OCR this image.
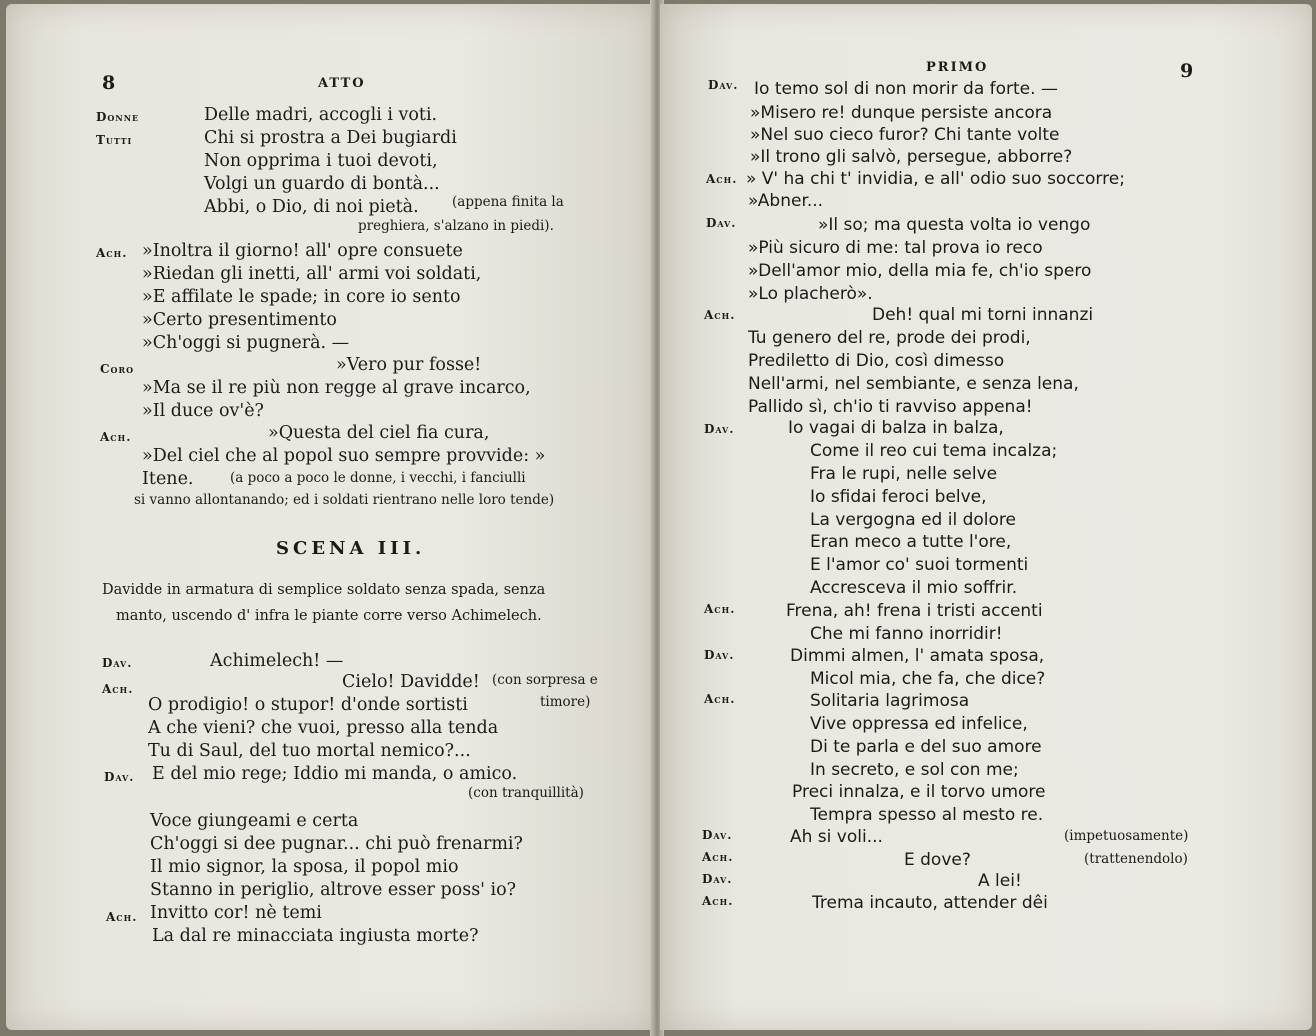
8	ATTO
Donne	Delle madri, accogli i voti.
Tutti	Chi si prostra a Dei bugiardi
Non opprima i tuoi devoti,
Volgi un guardo di bontà...
Abbi, o Dio, di noi pietà. (appena finita la
preghiera, s'alzano in piedi).
Ach. »Inoltra il giorno! all' opre consuete
»Riedan gli inetti, all' armi voi soldati,
»E affilate le spade; in core io sento
»Certo presentimento
»Ch'oggi si pugnerà. —
Coro	»Vero pur fosse!
»Ma se il re più non regge al grave incarco,
»Il duce ov'è?
Ach.	»Questa del ciel fia cura,
»Del ciel che al popol suo sempre provvide: »
Itene.	(a poco a poco le donne, i vecchi, i fanciulli
si vanno allontanando; ed i soldati rientrano nelle loro tende)
SCENA III.
Davidde in armatura di semplice soldato senza spada, senza
manto, uscendo d' infra le piante corre verso Achimelech.
Dav.	Achimelech! —
Ach.	Cielo! Davidde! (con sorpresa e
O prodigio! o stupor! d'onde sortisti	timore)
A che vieni? che vuoi, presso alla tenda
Tu di Saul, del tuo mortal nemico?...
Dav. E del mio rege; Iddio mi manda, o amico.
(con tranquillità)
Voce giungeami e certa
Ch'oggi si dee pugnar... chi può frenarmi?
Il mio signor, la sposa, il popol mio
Stanno in periglio, altrove esser poss' io?
Ach. Invitto cor! nè temi
La dal re minacciata ingiusta morte?
PRIMO	9
Dav. Io temo sol di non morir da forte. —
»Misero re! dunque persiste ancora
»Nel suo cieco furor? Chi tante volte
»Il trono gli salvò, persegue, abborre?
Ach. » V' ha chi t' invidia, e all' odio suo soccorre;
»Abner...
Dav.	»Il so; ma questa volta io vengo
»Più sicuro di me: tal prova io reco
»Dell'amor mio, della mia fe, ch'io spero
»Lo placherò».
Ach.	Deh! qual mi torni innanzi
Tu genero del re, prode dei prodi,
Prediletto di Dio, così dimesso
Nell'armi, nel sembiante, e senza lena,
Pallido sì, ch'io ti ravviso appena!
Dav.	Io vagai di balza in balza,
Come il reo cui tema incalza;
Fra le rupi, nelle selve
Io sfidai feroci belve,
La vergogna ed il dolore
Eran meco a tutte l'ore,
E l'amor co' suoi tormenti
Accresceva il mio soffrir.
Ach.	Frena, ah! frena i tristi accenti
Che mi fanno inorridir!
Dav.	Dimmi almen, l' amata sposa,
Micol mia, che fa, che dice?
Ach.	Solitaria lagrimosa
Vive oppressa ed infelice,
Di te parla e del suo amore
In secreto, e sol con me;
Preci innalza, e il torvo umore
Tempra spesso al mesto re.
Dav.	Ah si voli...	(impetuosamente)
Ach.	E dove?	(trattenendolo)
Dav.	A lei!
Ach.	Trema incauto, attender dêi
